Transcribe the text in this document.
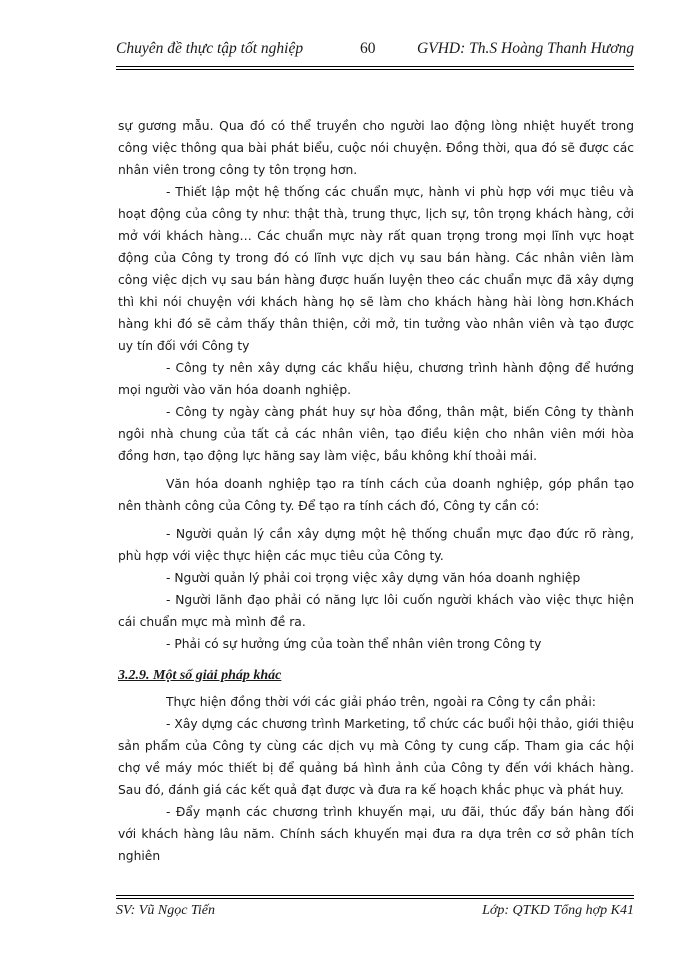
Chuyên đề thực tập tốt nghiệp	60	GVHD: Th.S Hoàng Thanh Hương

sự gương mẫu. Qua đó có thể truyền cho người lao động lòng nhiệt huyết trong công việc thông qua bài phát biểu, cuộc nói chuyện. Đồng thời, qua đó sẽ được các nhân viên trong công ty tôn trọng hơn.

- Thiết lập một hệ thống các chuẩn mực, hành vi phù hợp với mục tiêu và hoạt động của công ty như: thật thà, trung thực, lịch sự, tôn trọng khách hàng, cởi mở với khách hàng… Các chuẩn mực này rất quan trọng trong mọi lĩnh vực hoạt động của Công ty trong đó có lĩnh vực dịch vụ sau bán hàng. Các nhân viên làm công việc dịch vụ sau bán hàng được huấn luyện theo các chuẩn mực đã xây dựng thì khi nói chuyện với khách hàng họ sẽ làm cho khách hàng hài lòng hơn.Khách hàng khi đó sẽ cảm thấy thân thiện, cởi mở, tin tưởng vào nhân viên và tạo được uy tín đối với Công ty

- Công ty nên xây dựng các khẩu hiệu, chương trình hành động để hướng mọi người vào văn hóa doanh nghiệp.

- Công ty ngày càng phát huy sự hòa đồng, thân mật, biến Công ty thành ngôi nhà chung của tất cả các nhân viên, tạo điều kiện cho nhân viên mới hòa đồng hơn, tạo động lực hăng say làm việc, bầu không khí thoải mái.

Văn hóa doanh nghiệp tạo ra tính cách của doanh nghiệp, góp phần tạo nên thành công của Công ty. Để tạo ra tính cách đó, Công ty cần có:

- Người quản lý cần xây dựng một hệ thống chuẩn mực đạo đức rõ ràng, phù hợp với việc thực hiện các mục tiêu của Công ty.

- Người quản lý phải coi trọng việc xây dựng văn hóa doanh nghiệp

- Người lãnh đạo phải có năng lực lôi cuốn người khách vào việc thực hiện cái chuẩn mực mà mình đề ra.

- Phải có sự hưởng ứng của toàn thể nhân viên trong Công ty

3.2.9. Một số giải pháp khác

Thực hiện đồng thời với các giải pháo trên, ngoài ra Công ty cần phải:

- Xây dựng các chương trình Marketing, tổ chức các buổi hội thảo, giới thiệu sản phẩm của Công ty cùng các dịch vụ mà Công ty cung cấp. Tham gia các hội chợ về máy móc thiết bị để quảng bá hình ảnh của Công ty đến với khách hàng. Sau đó, đánh giá các kết quả đạt được và đưa ra kế hoạch khắc phục và phát huy.

- Đẩy mạnh các chương trình khuyến mại, ưu đãi, thúc đẩy bán hàng đối với khách hàng lâu năm. Chính sách khuyến mại đưa ra dựa trên cơ sở phân tích nghiên

SV: Vũ Ngọc Tiến	Lớp: QTKD Tổng hợp K41
